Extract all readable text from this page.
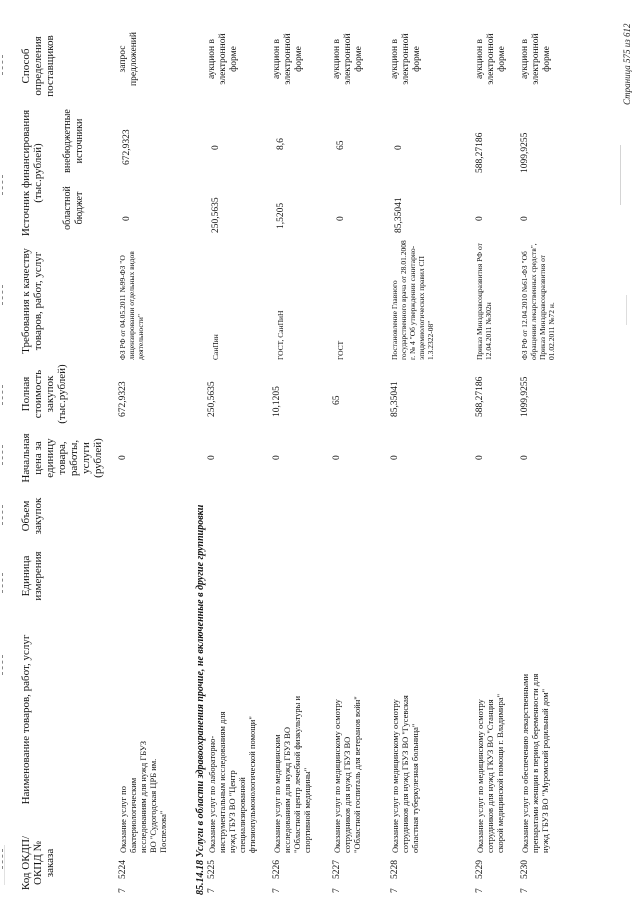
Код ОКДП/ ОКПД № заказа
Наименование товаров, работ, услуг
Единица измерения
Объем закупок
Начальная цена за единицу товара, работы, услуги (рублей)
Полная стоимость закупок (тыс.рублей)
Требования к качеству товаров, работ, услуг
Источник финансирования (тыс.рублей)
областной бюджет
внебюджетные источники
Способ определения поставщиков
7
5224
Оказание услуг по бактериологическим исследованиям для нужд ГБУЗ ВО "Судогодская ЦРБ им. Поспелова"
0
672,9323
ФЗ РФ от 04.05.2011 №99-ФЗ "О лицензировании отдельных видов деятельности"
0
672,9323
запрос предложений
85.14.18 Услуги в области здравоохранения прочие, не включенные в другие группировки
7
5225
Оказание услуг по лабораторно-инструментальным исследованиям для нужд ГБУЗ ВО "Центр специализированной фтизиопульмонологической помощи"
0
250,5635
СанПин
250,5635
0
аукцион в электронной форме
7
5226
Оказание услуг по медицинским исследованиям для нужд ГБУЗ ВО "Областной центр лечебной физкультуры и спортивной медицины"
0
10,1205
ГОСТ, СанПиН
1,5205
8,6
аукцион в электронной форме
7
5227
Оказание услуг по медицинскому осмотру сотрудников для нужд ГБУЗ ВО "Областной госпиталь для ветеранов войн"
0
65
ГОСТ
0
65
аукцион в электронной форме
7
5228
Оказание услуг по медицинскому осмотру сотрудников для нужд ГБУЗ ВО "Гусевская областная туберкулезная больница"
0
85,35041
Постановление Главного государственного врача от 28.01.2008 г. № 4 "Об утверждении санитарно-эпидемиологических правил СП 1.3.2322-08"
85,35041
0
аукцион в электронной форме
7
5229
Оказание услуг по медицинскому осмотру сотрудников для нужд ГКУЗ ВО "Станция скорой медицинской помощи г. Владимира"
0
588,27186
Приказ Минздравсоцразвития РФ от 12.04.2011 №302н
0
588,27186
аукцион в электронной форме
7
5230
Оказание услуг по обеспечению лекарственными препаратами женщин в период беременности для нужд ГБУЗ ВО "Муромский родильный дом"
0
1099,9255
ФЗ РФ от 12.04.2010 №61-ФЗ "Об обращении лекарственных средств", Приказ Минздравсоцразвития от 01.02.2011 №72 н.
0
1099,9255
аукцион в электронной форме	Страница 575 из 612
